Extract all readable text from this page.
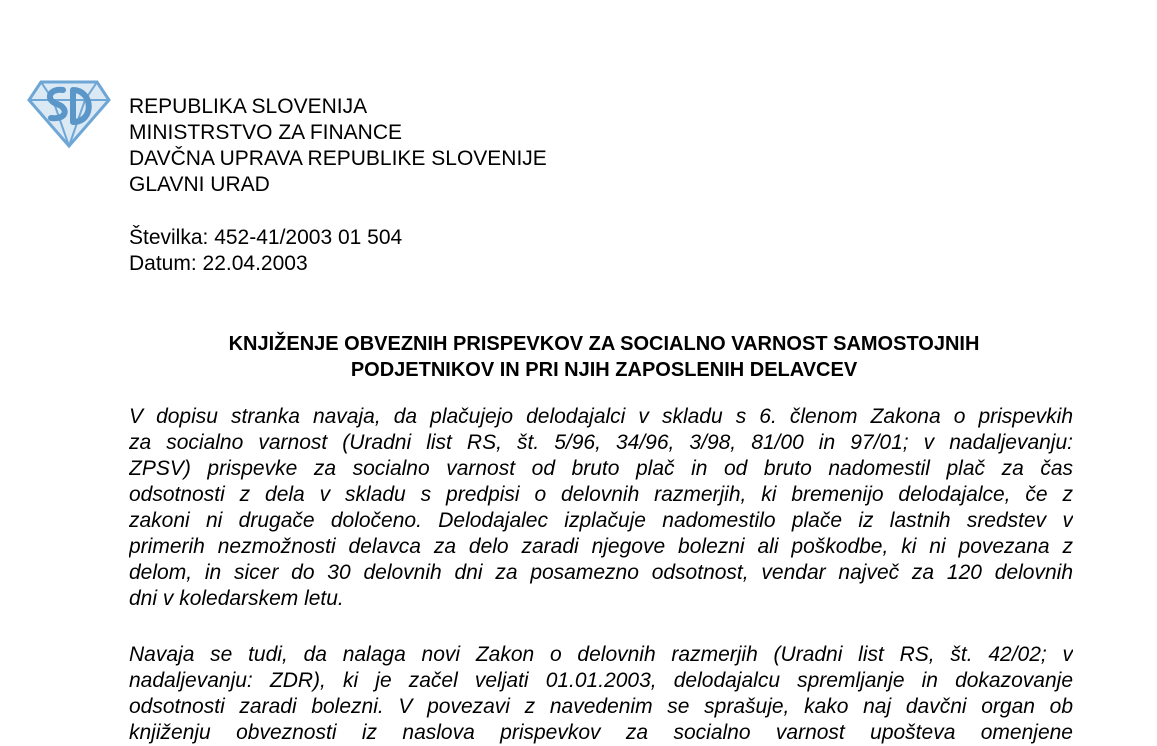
REPUBLIKA SLOVENIJA
MINISTRSTVO ZA FINANCE
DAVČNA UPRAVA REPUBLIKE SLOVENIJE
GLAVNI URAD
Številka: 452-41/2003 01 504
Datum: 22.04.2003
KNJIŽENJE OBVEZNIH PRISPEVKOV ZA SOCIALNO VARNOST SAMOSTOJNIH
PODJETNIKOV IN PRI NJIH ZAPOSLENIH DELAVCEV
V dopisu stranka navaja, da plačujejo delodajalci v skladu s 6. členom Zakona o prispevkih
za socialno varnost (Uradni list RS, št. 5/96, 34/96, 3/98, 81/00 in 97/01; v nadaljevanju:
ZPSV) prispevke za socialno varnost od bruto plač in od bruto nadomestil plač za čas
odsotnosti z dela v skladu s predpisi o delovnih razmerjih, ki bremenijo delodajalce, če z
zakoni ni drugače določeno. Delodajalec izplačuje nadomestilo plače iz lastnih sredstev v
primerih nezmožnosti delavca za delo zaradi njegove bolezni ali poškodbe, ki ni povezana z
delom, in sicer do 30 delovnih dni za posamezno odsotnost, vendar največ za 120 delovnih
dni v koledarskem letu.
Navaja se tudi, da nalaga novi Zakon o delovnih razmerjih (Uradni list RS, št. 42/02; v
nadaljevanju: ZDR), ki je začel veljati 01.01.2003, delodajalcu spremljanje in dokazovanje
odsotnosti zaradi bolezni. V povezavi z navedenim se sprašuje, kako naj davčni organ ob
knjiženju obveznosti iz naslova prispevkov za socialno varnost upošteva omenjene
